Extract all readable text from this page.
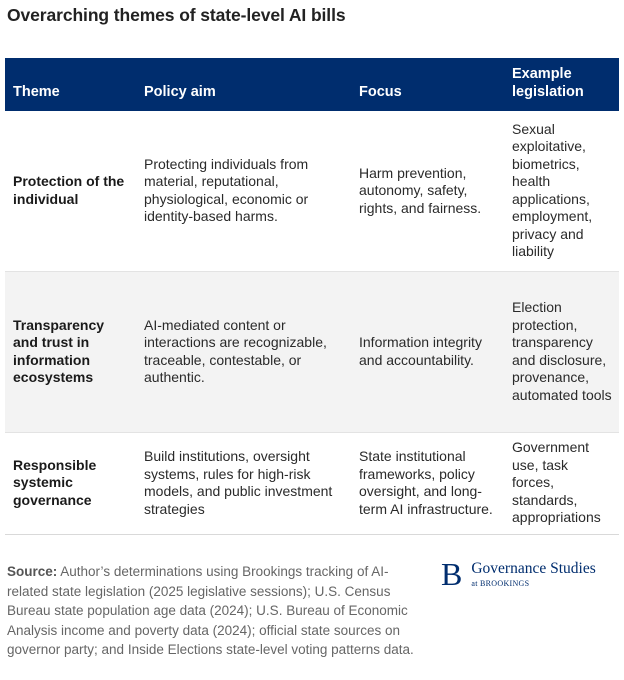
Overarching themes of state-level AI bills
Theme	Policy aim	Focus	Example legislation
Protection of the individual	Protecting individuals from material, reputational, physiological, economic or identity-based harms.	Harm prevention, autonomy, safety, rights, and fairness.	Sexual exploitative, biometrics, health applications, employment, privacy and liability
Transparency and trust in information ecosystems	AI-mediated content or interactions are recognizable, traceable, contestable, or authentic.	Information integrity and accountability.	Election protection, transparency and disclosure, provenance, automated tools
Responsible systemic governance	Build institutions, oversight systems, rules for high-risk models, and public investment strategies	State institutional frameworks, policy oversight, and long-term AI infrastructure.	Government use, task forces, standards, appropriations
Source: Author’s determinations using Brookings tracking of AI-related state legislation (2025 legislative sessions); U.S. Census Bureau state population age data (2024); U.S. Bureau of Economic Analysis income and poverty data (2024); official state sources on governor party; and Inside Elections state-level voting patterns data.
B Governance Studies
at BROOKINGS
